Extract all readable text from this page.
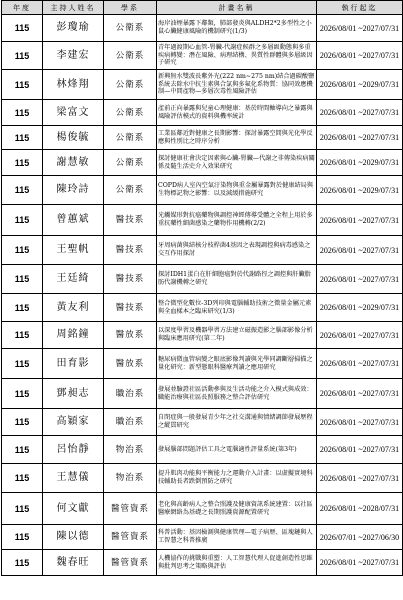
年度	主持人姓名	學系	計畫名稱	執行起迄
115	彭瓊瑜	公衛系	海岸油煙暴露下鄰類，肺部發炎與ALDH2*2多型性之小鼠心臟健康風險的機制研究(1/3)	2026/08/01 ~2027/07/31
115	李建宏	公衛系	青年過渡期心血管-腎臟-代謝症候群之多層級動態與多重疾病轉變：潛在風險、病理結構、異質性群體與多層級因子研究	2026/08/01 ~2027/07/31
115	林烽翔	公衛系	新興無水雙波長紫外光(222 nm~275 nm)結合過碳酸鹽系統去除水中抗生素與合氯與多氟化系物質：協同效應機制—中間產物—多層次毒性風險評估	2026/08/01 ~2029/07/31
115	梁富文	公衛系	產前正向暴露與兒童心理健康：基於時間軸導向之暴露與風險評估模式的資料與機率統計	2026/08/01 ~2027/07/31
115	楊俊毓	公衛系	工業區鄰近對健康之長期影響：探討暴露空間與光化學反應與性別比之時序分析	2026/08/01 ~2027/07/31
115	謝慧敏	公衛系	探討健康社會決定因素與心臟-腎臟—代謝之非傳染疾病關係及隨生活史介入效果研究	2026/08/01 ~2029/07/31
115	陳玲詩	公衛系	COPD病人室內空氣汙染物與重金屬暴露對於健康結局與生物標記物之影響：以及減緩措施研究	2026/08/01 ~2029/07/31
115	曾蕙斌	醫技系	光觸媒形對抗癌藥物與調控神經傳導受體之全程上用於多重抗藥性細菌感染之藥物作用機轉(2/2)	2026/08/01 ~2027/07/31
115	王聖帆	醫技系	牙周病菌與結核分枝桿菌4基因之表現調控與病毒感染之交互作用探討	2026/08/01 ~2027/07/31
115	王廷綺	醫技系	探討IDH1蛋白在肝細胞癌對於代謝路徑之調控與肝臟脂肪代謝機轉之研究	2026/08/01 ~2027/07/31
115	黃友利	醫技系	整合微型化數位-3D列印與電腦輔助技術之微量金屬元素與全血樣本之臨床研究(1/3)	2026/08/01 ~2029/07/31
115	周銘鐘	醫放系	以深度學習及機器學習方法建立磁振造影之腦部影像分析與臨床應用研究(第二年)	2026/08/01 ~2027/07/31
115	田育影	醫放系	糖尿病微血管病變之眼底影像判讀與光學同調斷層掃描之量化研究：新型態眼科醫療判讀之應用研究	2026/08/01 ~2027/07/31
115	鄧昶志	職治系	發展並驗證社區活動參與及生活功能之介入模式與成效：職能治療與社區長照服務之整合評估研究	2026/08/01 ~2027/07/31
115	高穎家	職治系	自閉症與一般發展青少年之社交溝通與情緒調節發展歷程之縱貫研究	2026/08/01 ~2027/07/31
115	呂怡靜	物治系	發展腦部問題評估工具之電腦適性評量系統(第3年)	2026/08/01 ~2027/07/31
115	王慧儀	物治系	提升肌肉功能與平衡能力之運動介入計畫：以虛擬實境科技輔助長者跌倒預防之研究	2026/08/01 ~2027/07/31
115	何文獻	醫管資系	老化與高齡病人之整合照護及健康資訊系統建置：以社區醫療網絡為基礎之長期照護資源配置研究	2026/08/01 ~2028/07/31
115	陳以德	醫管資系	科普活動：基因檢測與健康管理—電子病歷、區塊鏈與人工智慧之科普推廣	2026/07/01 ~2027/06/30
115	魏春旺	醫管資系	人機協作的挑戰與重塑：人工智慧代理人促進創造性思維與批判思考之策略與評估	2026/08/01 ~2027/07/31
